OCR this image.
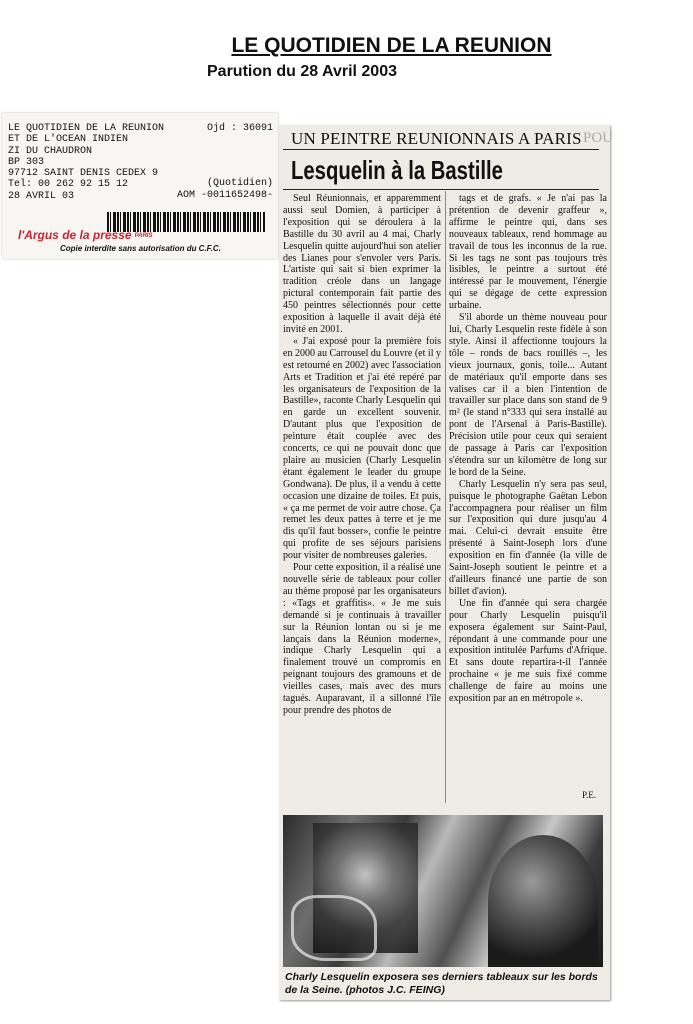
LE QUOTIDIEN DE LA REUNION
Parution du 28 Avril 2003
LE QUOTIDIEN DE LA REUNION
ET DE L'OCEAN INDIEN
ZI DU CHAUDRON
BP 303
97712 SAINT DENIS CEDEX 9
Tel: 00 262 92 15 12
28 AVRIL 03
Ojd : 36091
(Quotidien)
AOM -0011652498-
l'Argus de la presse PARIS
Copie interdite sans autorisation du C.F.C.
UN PEINTRE REUNIONNAIS A PARIS POU
Lesquelin à la Bastille

Seul Réunionnais, et apparemment aussi seul Domien, à participer à l'exposition qui se déroulera à la Bastille du 30 avril au 4 mai, Charly Lesquelin quitte aujourd'hui son atelier des Lianes pour s'envoler vers Paris. L'artiste qui sait si bien exprimer la tradition créole dans un langage pictural contemporain fait partie des 450 peintres sélectionnés pour cette exposition à laquelle il avait déjà été invité en 2001.

« J'ai exposé pour la première fois en 2000 au Carrousel du Louvre (et il y est retourné en 2002) avec l'association Arts et Tradition et j'ai été repéré par les organisateurs de l'exposition de la Bastille», raconte Charly Lesquelin qui en garde un excellent souvenir. D'autant plus que l'exposition de peinture était couplée avec des concerts, ce qui ne pouvait donc que plaire au musicien (Charly Lesquelin étant également le leader du groupe Gondwana). De plus, il a vendu à cette occasion une dizaine de toiles. Et puis, « ça me permet de voir autre chose. Ça remet les deux pattes à terre et je me dis qu'il faut bosser», confie le peintre qui profite de ses séjours parisiens pour visiter de nombreuses galeries.

Pour cette exposition, il a réalisé une nouvelle série de tableaux pour coller au thème proposé par les organisateurs : «Tags et graffitis». « Je me suis demandé si je continuais à travailler sur la Réunion lontan ou si je me lançais dans la Réunion moderne», indique Charly Lesquelin qui a finalement trouvé un compromis en peignant toujours des gramouns et de vieilles cases, mais avec des murs tagués. Auparavant, il a sillonné l'île pour prendre des photos de

tags et de grafs. « Je n'ai pas la prétention de devenir graffeur », affirme le peintre qui, dans ses nouveaux tableaux, rend hommage au travail de tous les inconnus de la rue. Si les tags ne sont pas toujours très lisibles, le peintre a surtout été intéressé par le mouvement, l'énergie qui se dégage de cette expression urbaine.

S'il aborde un thème nouveau pour lui, Charly Lesquelin reste fidèle à son style. Ainsi il affectionne toujours la tôle – ronds de bacs rouillés –, les vieux journaux, gonis, toile... Autant de matériaux qu'il emporte dans ses valises car il a bien l'intention de travailler sur place dans son stand de 9 m² (le stand n°333 qui sera installé au pont de l'Arsenal à Paris-Bastille). Précision utile pour ceux qui seraient de passage à Paris car l'exposition s'étendra sur un kilomètre de long sur le bord de la Seine.

Charly Lesquelin n'y sera pas seul, puisque le photographe Gaëtan Lebon l'accompagnera pour réaliser un film sur l'exposition qui dure jusqu'au 4 mai. Celui-ci devrait ensuite être présenté à Saint-Joseph lors d'une exposition en fin d'année (la ville de Saint-Joseph soutient le peintre et a d'ailleurs financé une partie de son billet d'avion).

Une fin d'année qui sera chargée pour Charly Lesquelin puisqu'il exposera également sur Saint-Paul, répondant à une commande pour une exposition intitulée Parfums d'Afrique. Et sans doute repartira-t-il l'année prochaine « je me suis fixé comme challenge de faire au moins une exposition par an en métropole ».

P.E.
Charly Lesquelin exposera ses derniers tableaux sur les bords de la Seine. (photos J.C. FEING)
